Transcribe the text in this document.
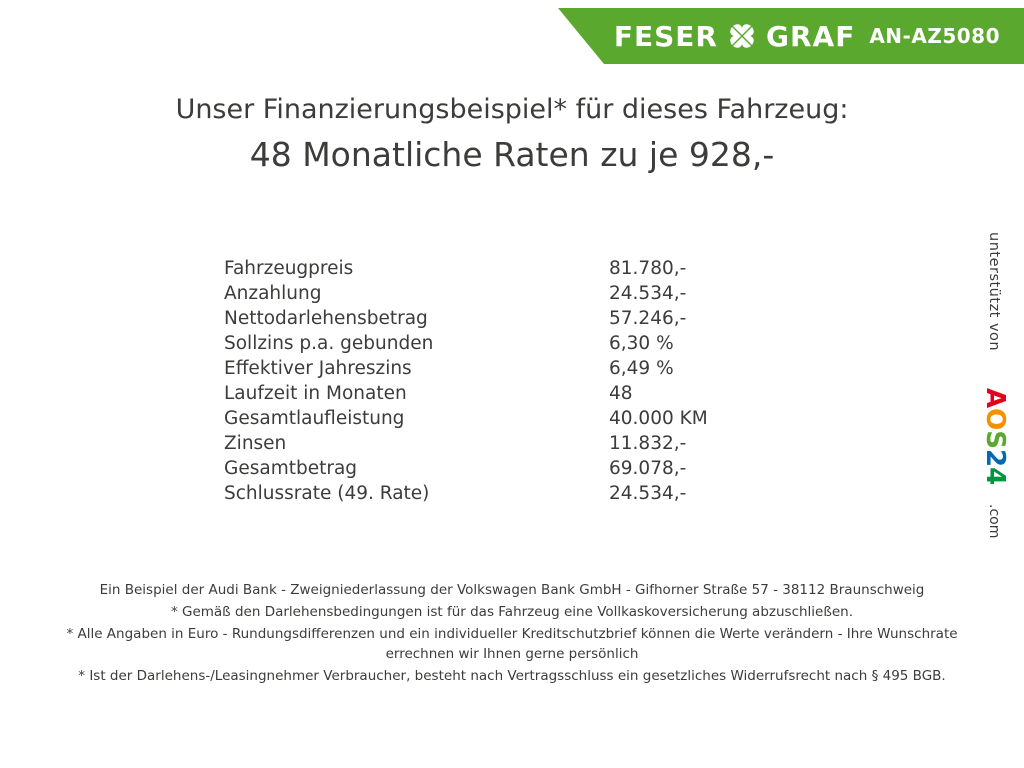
FESER GRAF AN-AZ5080
Unser Finanzierungsbeispiel* für dieses Fahrzeug:
48 Monatliche Raten zu je 928,-
Fahrzeugpreis	81.780,-
Anzahlung	24.534,-
Nettodarlehensbetrag	57.246,-
Sollzins p.a. gebunden	6,30 %
Effektiver Jahreszins	6,49 %
Laufzeit in Monaten	48
Gesamtlaufleistung	40.000 KM
Zinsen	11.832,-
Gesamtbetrag	69.078,-
Schlussrate (49. Rate)	24.534,-

Ein Beispiel der Audi Bank - Zweigniederlassung der Volkswagen Bank GmbH - Gifhorner Straße 57 - 38112 Braunschweig

* Gemäß den Darlehensbedingungen ist für das Fahrzeug eine Vollkaskoversicherung abzuschließen.

* Alle Angaben in Euro - Rundungsdifferenzen und ein individueller Kreditschutzbrief können die Werte verändern - Ihre Wunschrate errechnen wir Ihnen gerne persönlich

* Ist der Darlehens-/Leasingnehmer Verbraucher, besteht nach Vertragsschluss ein gesetzliches Widerrufsrecht nach § 495 BGB.

unterstützt von
AOS24
.com
